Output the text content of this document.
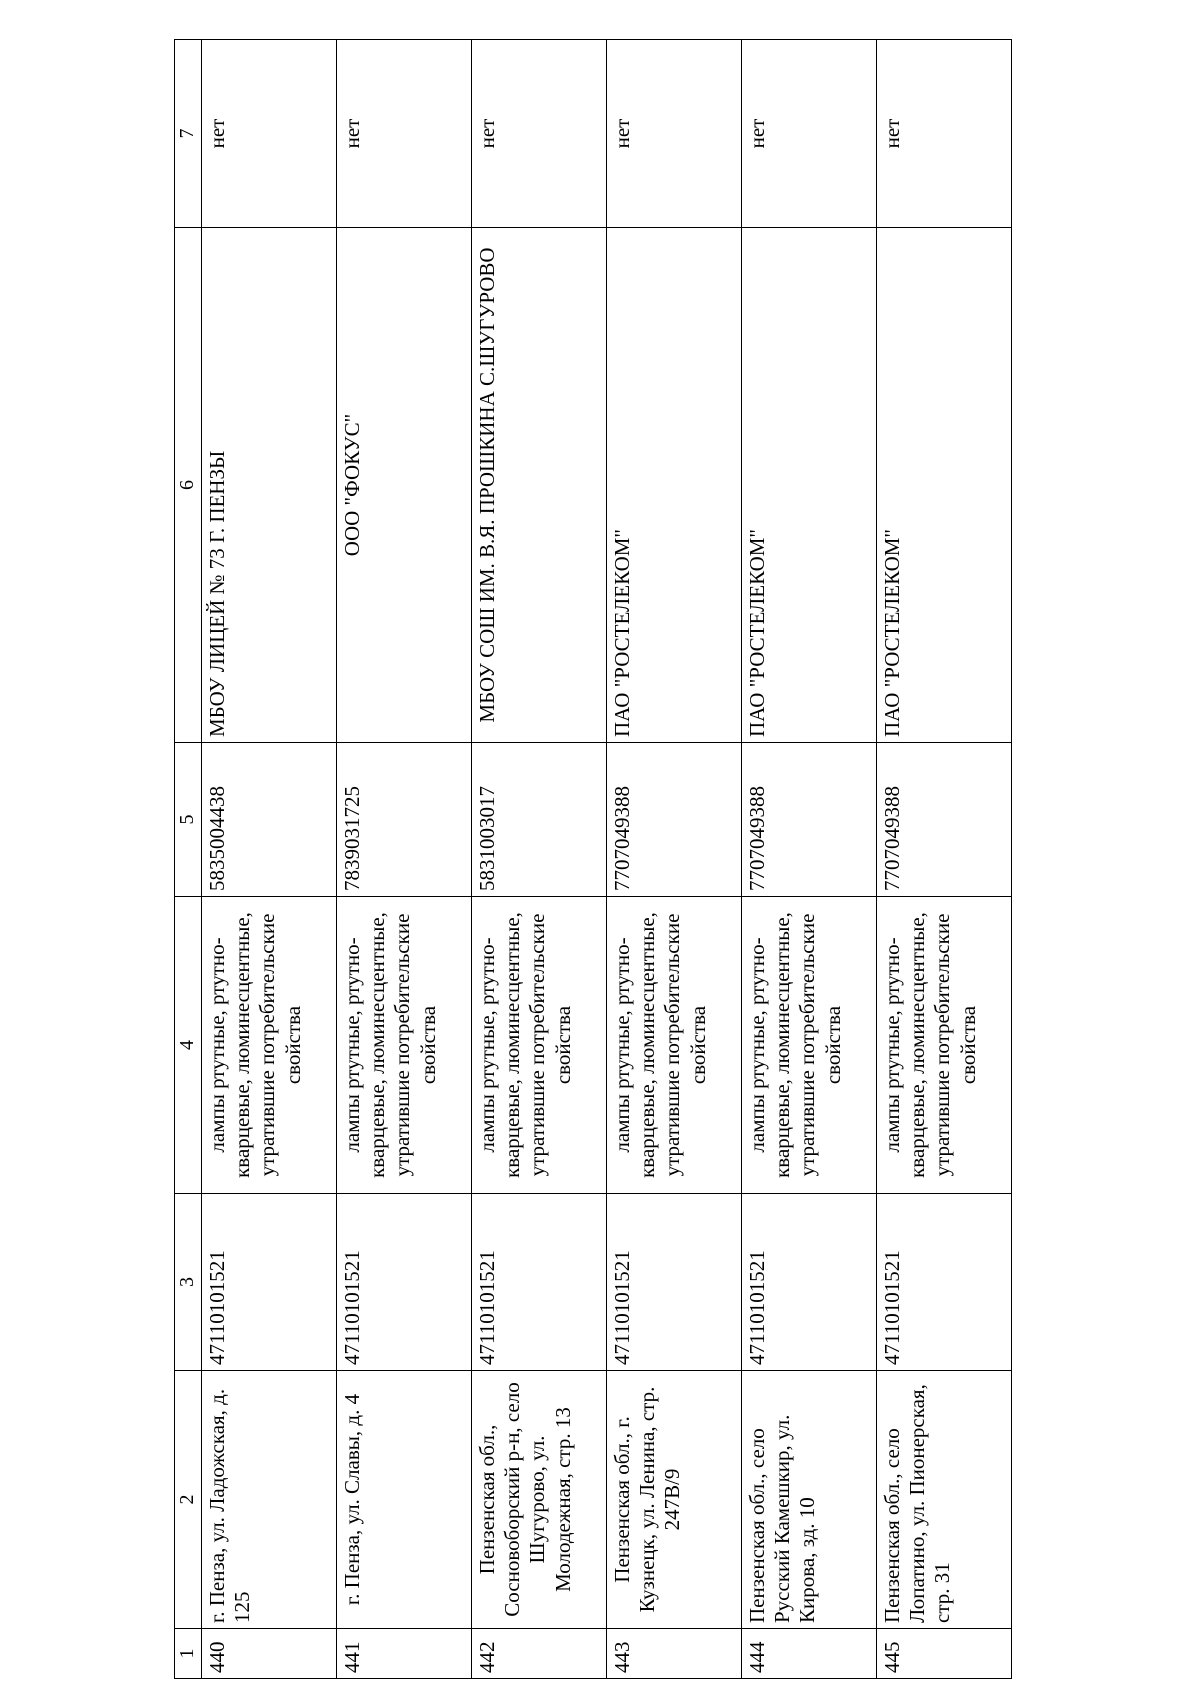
1	2	3	4	5	6	7
440	г. Пенза, ул. Ладожская, д. 125	47110101521	лампы ртутные, ртутно-кварцевые, люминесцентные, утратившие потребительские свойства	5835004438	МБОУ ЛИЦЕЙ № 73 Г. ПЕНЗЫ	нет
441	г. Пенза, ул. Славы, д. 4	47110101521	лампы ртутные, ртутно-кварцевые, люминесцентные, утратившие потребительские свойства	7839031725	ООО "ФОКУС"	нет
442	Пензенская обл., Сосновоборский р-н, село Шугурово, ул. Молодежная, стр. 13	47110101521	лампы ртутные, ртутно-кварцевые, люминесцентные, утратившие потребительские свойства	5831003017	МБОУ СОШ ИМ. В.Я. ПРОШКИНА С.ШУГУРОВО	нет
443	Пензенская обл., г. Кузнецк, ул. Ленина, стр. 247В/9	47110101521	лампы ртутные, ртутно-кварцевые, люминесцентные, утратившие потребительские свойства	7707049388	ПАО "РОСТЕЛЕКОМ"	нет
444	Пензенская обл., село Русский Камешкир, ул. Кирова, зд. 10	47110101521	лампы ртутные, ртутно-кварцевые, люминесцентные, утратившие потребительские свойства	7707049388	ПАО "РОСТЕЛЕКОМ"	нет
445	Пензенская обл., село Лопатино, ул. Пионерская, стр. 31	47110101521	лампы ртутные, ртутно-кварцевые, люминесцентные, утратившие потребительские свойства	7707049388	ПАО "РОСТЕЛЕКОМ"	нет
